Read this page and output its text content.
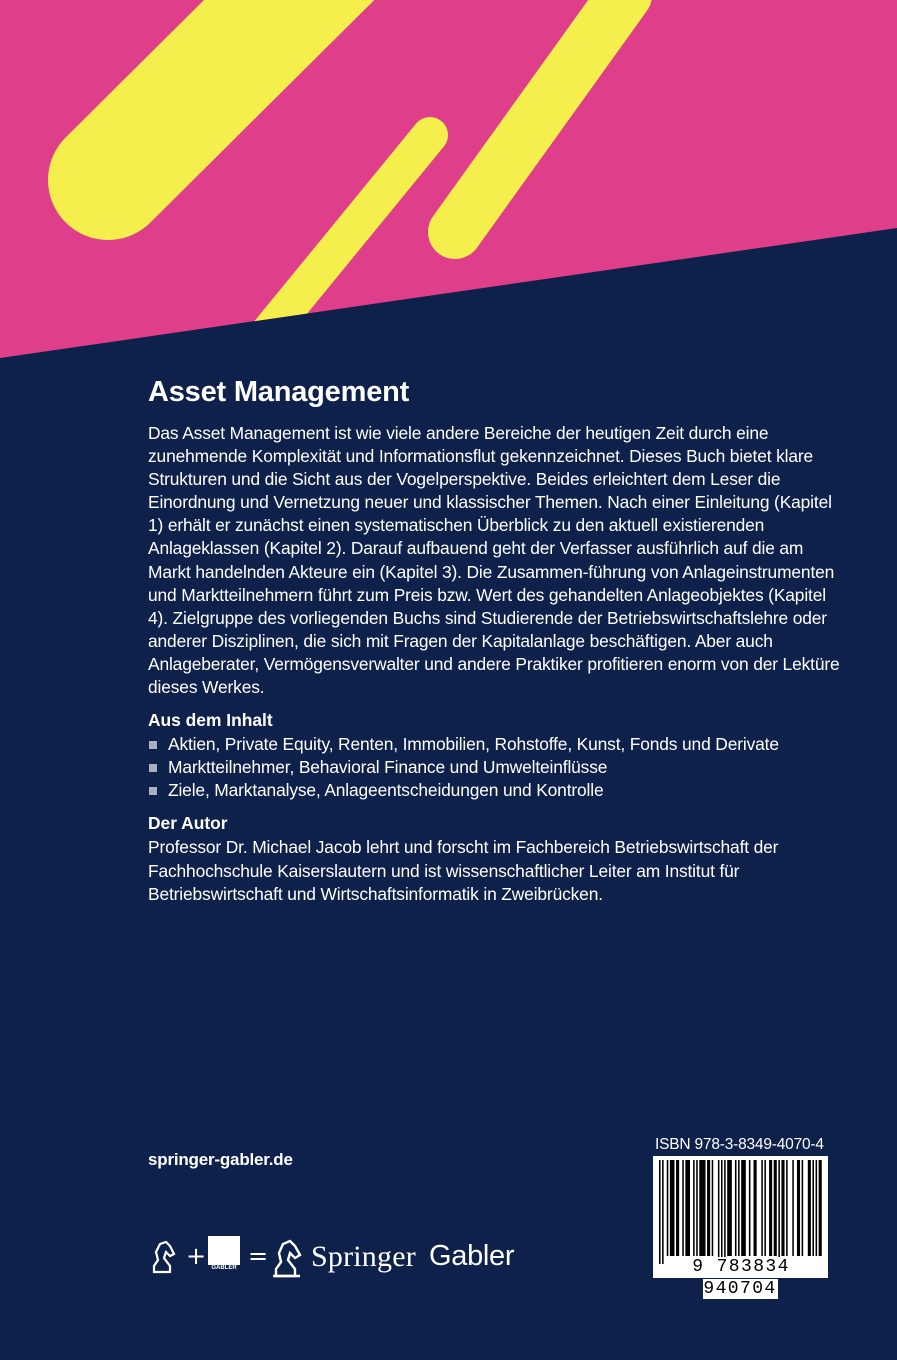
Asset Management

Das Asset Management ist wie viele andere Bereiche der heutigen Zeit durch eine zunehmende Komplexität und Informationsflut gekennzeichnet. Dieses Buch bietet klare Strukturen und die Sicht aus der Vogelperspektive. Beides erleichtert dem Leser die Einordnung und Vernetzung neuer und klassischer Themen. Nach einer Einleitung (Kapitel 1) erhält er zunächst einen systematischen Überblick zu den aktuell existierenden Anlageklassen (Kapitel 2). Darauf aufbauend geht der Verfasser ausführlich auf die am Markt handelnden Akteure ein (Kapitel 3). Die Zusammen-führung von Anlageinstrumenten und Marktteilnehmern führt zum Preis bzw. Wert des gehandelten Anlageobjektes (Kapitel 4). Zielgruppe des vorliegenden Buchs sind Studierende der Betriebswirtschaftslehre oder anderer Disziplinen, die sich mit Fragen der Kapitalanlage beschäftigen. Aber auch Anlageberater, Vermögensverwalter und andere Praktiker profitieren enorm von der Lektüre dieses Werkes.

Aus dem Inhalt
Aktien, Private Equity, Renten, Immobilien, Rohstoffe, Kunst, Fonds und Derivate
Marktteilnehmer, Behavioral Finance und Umwelteinflüsse
Ziele, Marktanalyse, Anlageentscheidungen und Kontrolle
Der Autor

Professor Dr. Michael Jacob lehrt und forscht im Fachbereich Betriebswirtschaft der Fachhochschule Kaiserslautern und ist wissenschaftlicher Leiter am Institut für Betriebswirtschaft und Wirtschaftsinformatik in Zweibrücken.

springer-gabler.de
ISBN 978-3-8349-4070-4
9 783834 940704
+ GABLER = Springer Gabler
